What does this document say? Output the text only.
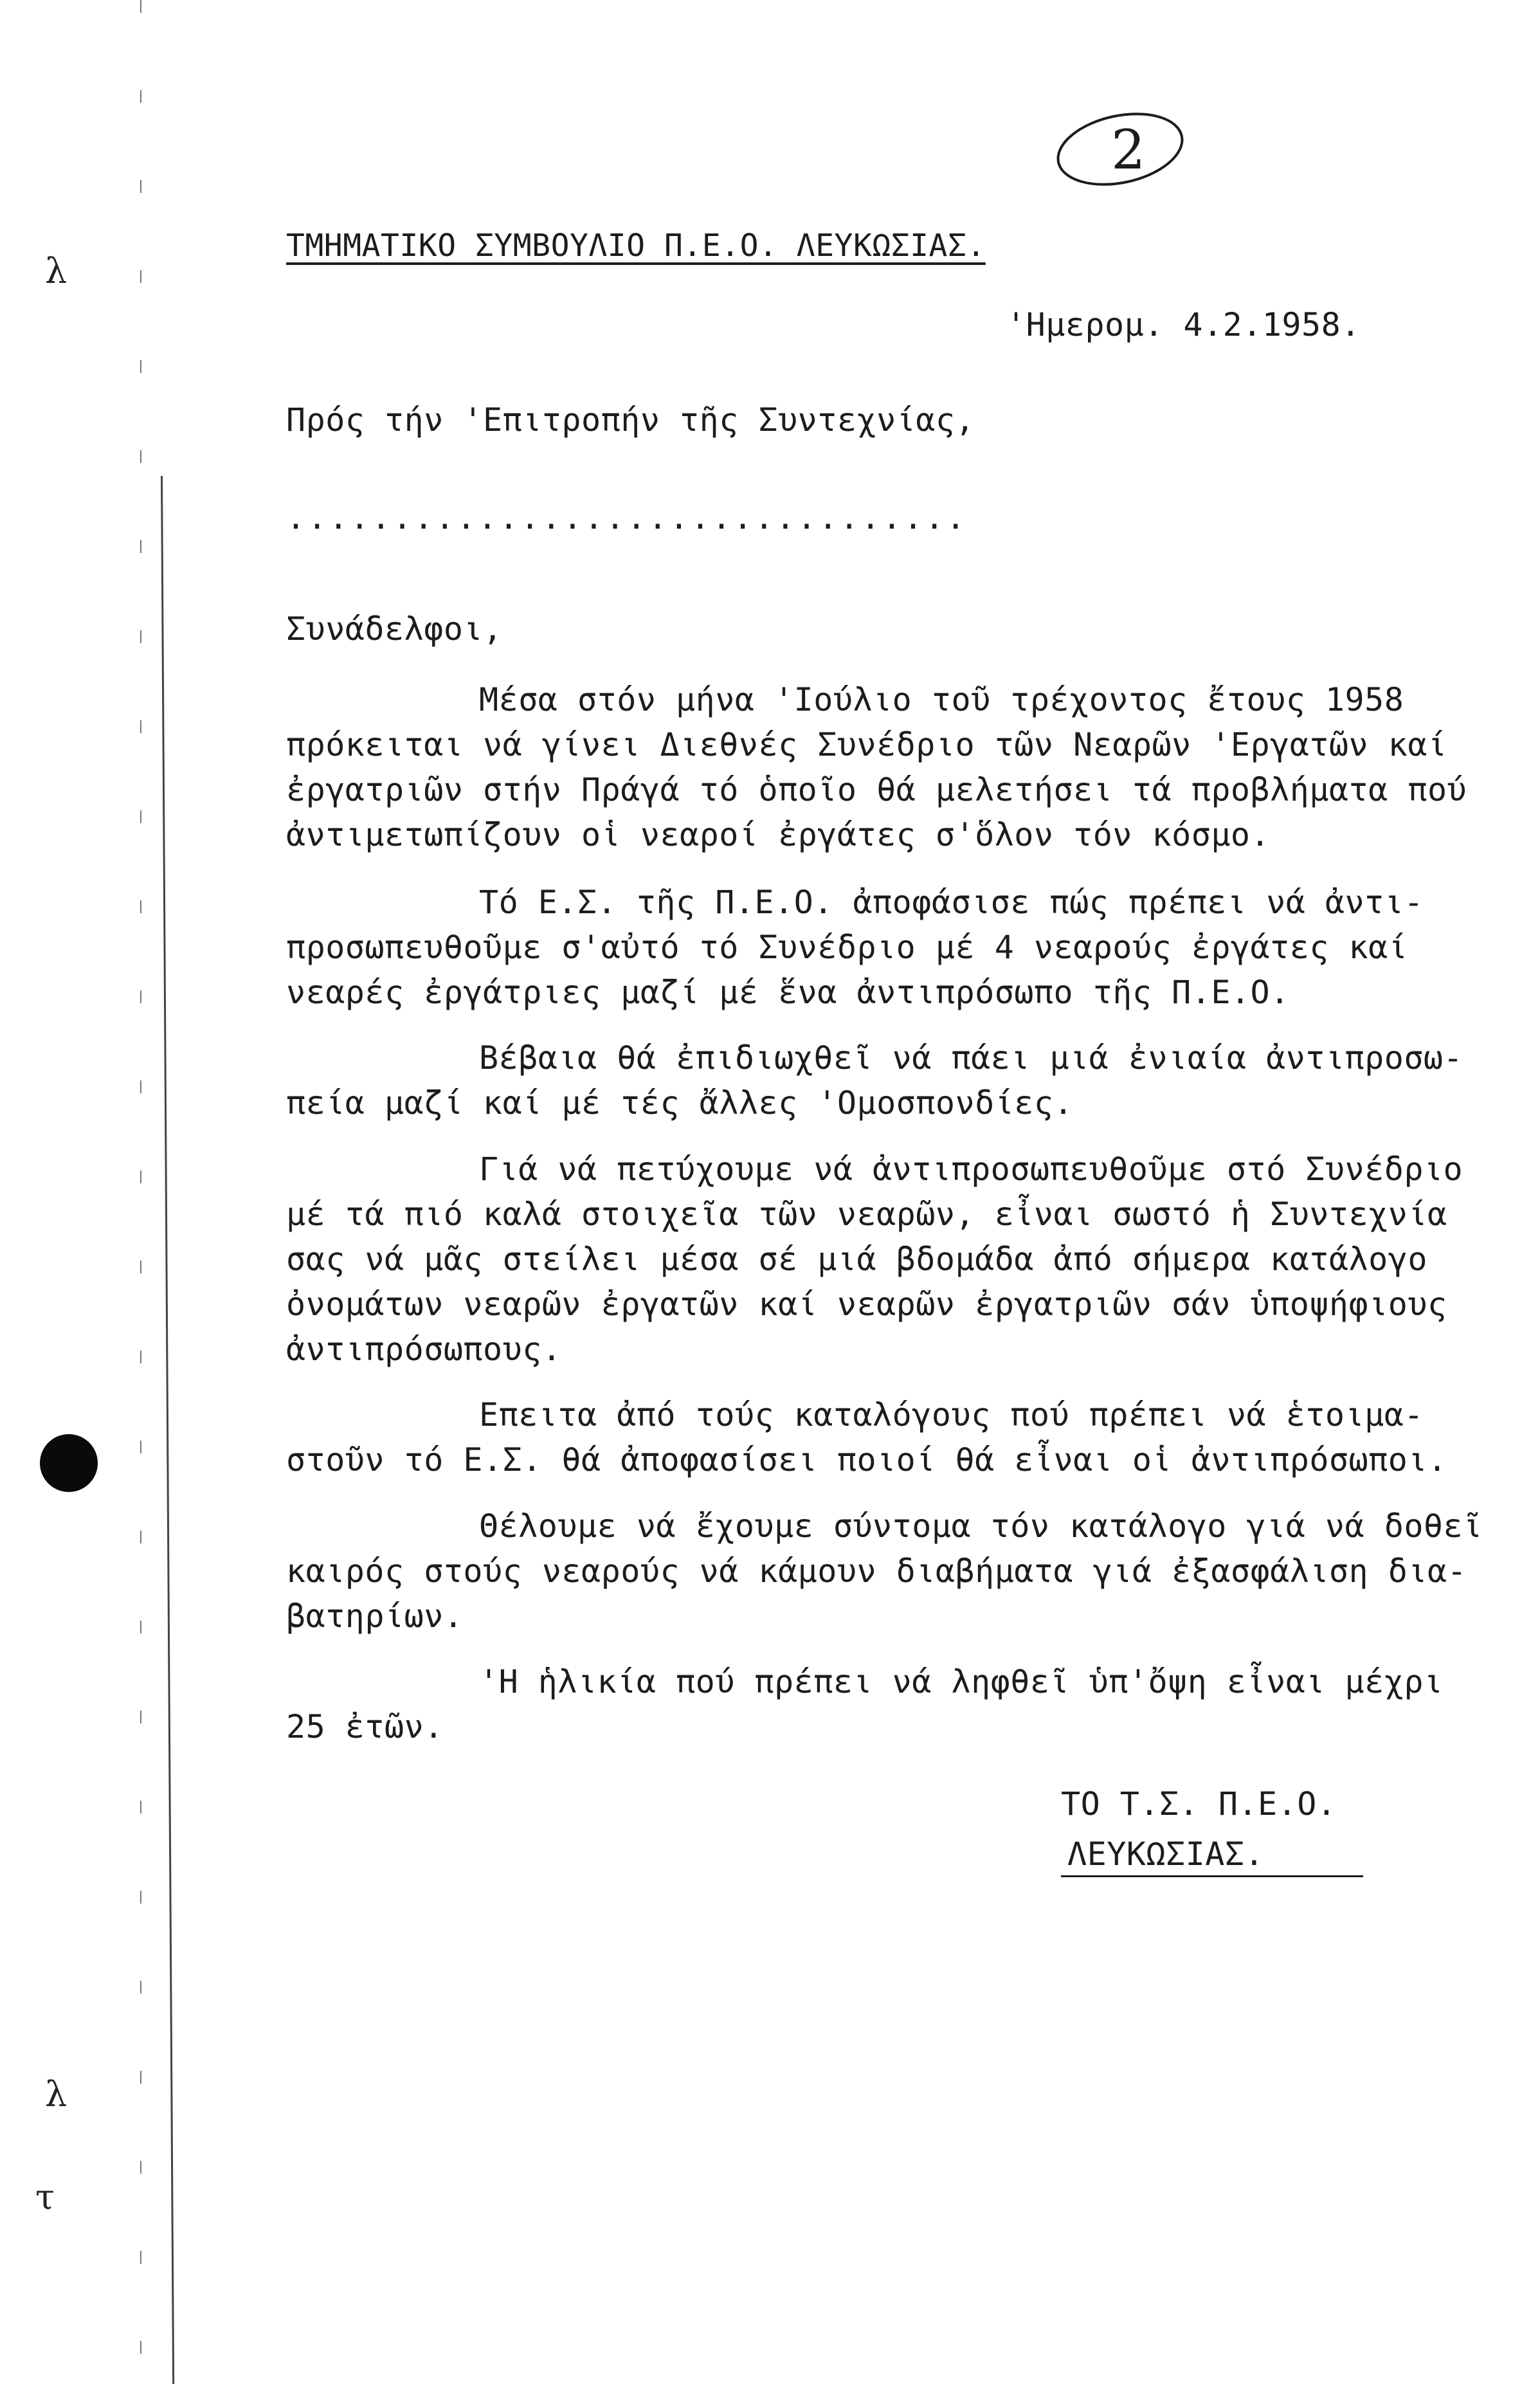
λ
λ
τ
2
ΤΜΗΜΑΤΙΚΟ ΣΥΜΒΟΥΛΙΟ Π.Ε.Ο. ΛΕΥΚΩΣΙΑΣ.
'Ημερομ. 4.2.1958.
Πρός τήν 'Επιτροπήν τῆς Συντεχνίας,
................................
Συνάδελφοι,
Μέσα στόν μήνα 'Ιούλιο τοῦ τρέχοντος ἔτους 1958
πρόκειται νά γίνει Διεθνές Συνέδριο τῶν Νεαρῶν 'Εργατῶν καί
ἐργατριῶν στήν Πράγά τό ὁποῖο θά μελετήσει τά προβλήματα πού
ἀντιμετωπίζουν οἱ νεαροί ἐργάτες σ'ὅλον τόν κόσμο.
Τό Ε.Σ. τῆς Π.Ε.Ο. ἀποφάσισε πώς πρέπει νά ἀντι-
προσωπευθοῦμε σ'αὐτό τό Συνέδριο μέ 4 νεαρούς ἐργάτες καί
νεαρές ἐργάτριες μαζί μέ ἕνα ἀντιπρόσωπο τῆς Π.Ε.Ο.
Βέβαια θά ἐπιδιωχθεῖ νά πάει μιά ἐνιαία ἀντιπροσω-
πεία μαζί καί μέ τές ἄλλες 'Ομοσπονδίες.
Γιά νά πετύχουμε νά ἀντιπροσωπευθοῦμε στό Συνέδριο
μέ τά πιό καλά στοιχεῖα τῶν νεαρῶν, εἶναι σωστό ἡ Συντεχνία
σας νά μᾶς στείλει μέσα σέ μιά βδομάδα ἀπό σήμερα κατάλογο
ὀνομάτων νεαρῶν ἐργατῶν καί νεαρῶν ἐργατριῶν σάν ὑποψήφιους
ἀντιπρόσωπους.
Επειτα ἀπό τούς καταλόγους πού πρέπει νά ἑτοιμα-
στοῦν τό Ε.Σ. θά ἀποφασίσει ποιοί θά εἶναι οἱ ἀντιπρόσωποι.
Θέλουμε νά ἔχουμε σύντομα τόν κατάλογο γιά νά δοθεῖ
καιρός στούς νεαρούς νά κάμουν διαβήματα γιά ἐξασφάλιση δια-
βατηρίων.
'Η ἡλικία πού πρέπει νά ληφθεῖ ὑπ'ὄψη εἶναι μέχρι
25 ἐτῶν.
ΤΟ Τ.Σ. Π.Ε.Ο.
ΛΕΥΚΩΣΙΑΣ.
